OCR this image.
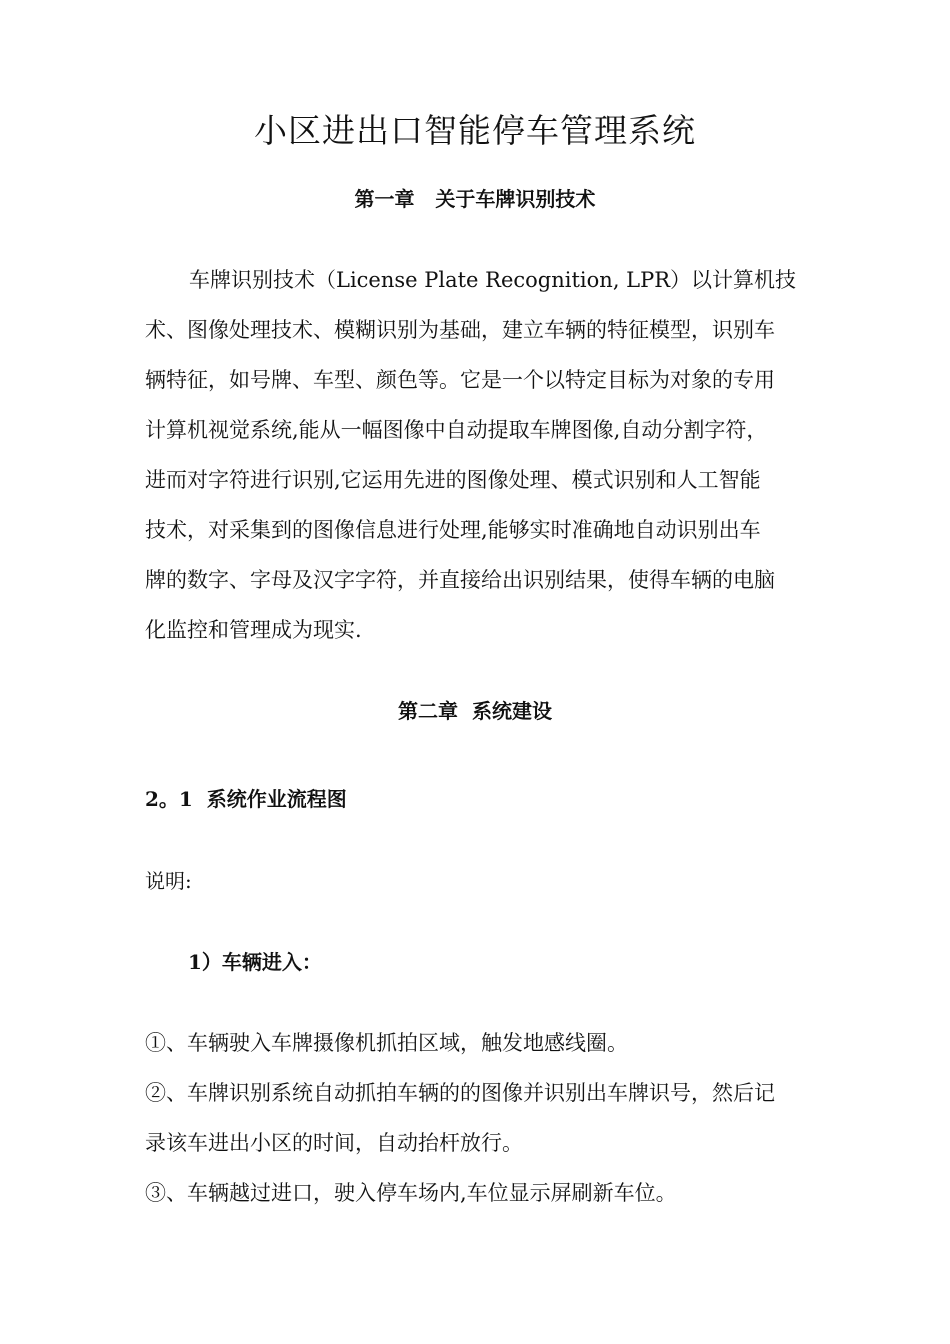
小区进出口智能停车管理系统
第一章   关于车牌识别技术
车牌识别技术（License Plate Recognition, LPR）以计算机技
术、图像处理技术、模糊识别为基础，建立车辆的特征模型，识别车
辆特征，如号牌、车型、颜色等。它是一个以特定目标为对象的专用
计算机视觉系统,能从一幅图像中自动提取车牌图像,自动分割字符，
进而对字符进行识别,它运用先进的图像处理、模式识别和人工智能
技术，对采集到的图像信息进行处理,能够实时准确地自动识别出车
牌的数字、字母及汉字字符，并直接给出识别结果，使得车辆的电脑
化监控和管理成为现实.
第二章  系统建设
2。1  系统作业流程图
说明:
1）车辆进入：
①、车辆驶入车牌摄像机抓拍区域，触发地感线圈。
②、车牌识别系统自动抓拍车辆的的图像并识别出车牌识号，然后记
录该车进出小区的时间，自动抬杆放行。
③、车辆越过进口，驶入停车场内,车位显示屏刷新车位。
